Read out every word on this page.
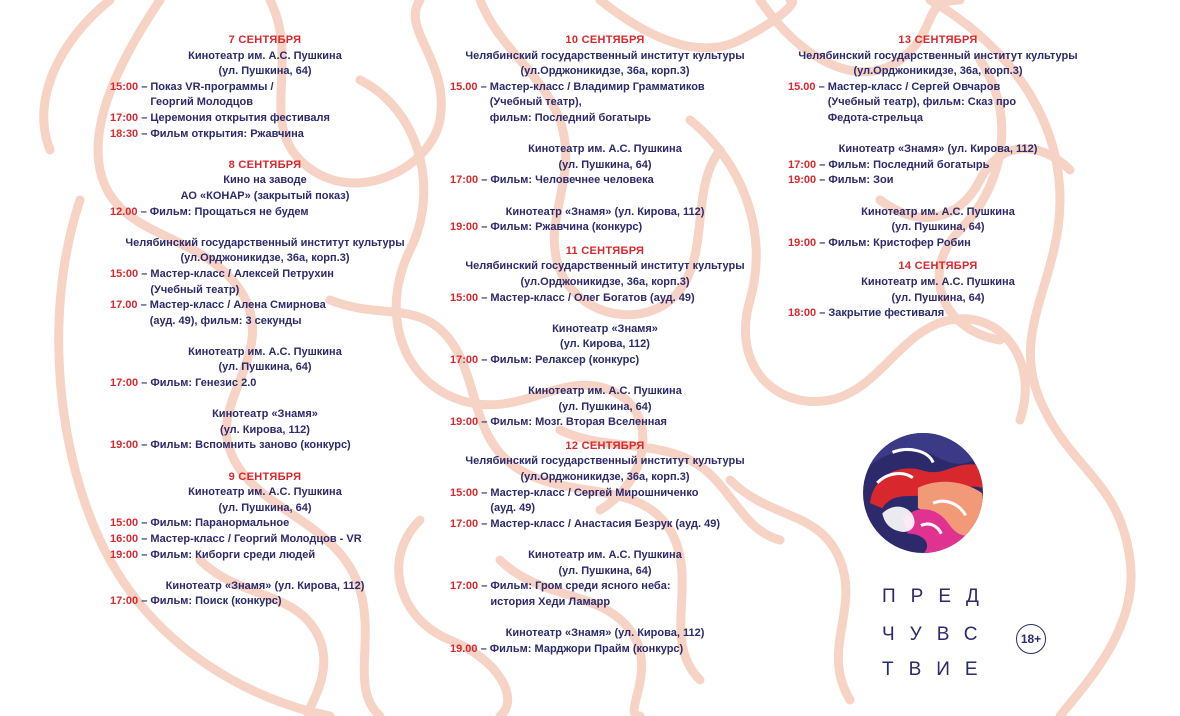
7 СЕНТЯБРЯ
Кинотеатр им. А.С. Пушкина
(ул. Пушкина, 64)
15:00 – Показ VR-программы /
Георгий Молодцов
17:00 – Церемония открытия фестиваля
18:30 – Фильм открытия: Ржавчина
8 СЕНТЯБРЯ
Кино на заводе
АО «КОНАР» (закрытый показ)
12.00 – Фильм: Прощаться не будем
Челябинский государственный институт культуры
(ул.Орджоникидзе, 36а, корп.3)
15:00 – Мастер-класс / Алексей Петрухин
(Учебный театр)
17.00 – Мастер-класс / Алена Смирнова
(ауд. 49), фильм: 3 секунды
Кинотеатр им. А.С. Пушкина
(ул. Пушкина, 64)
17:00 – Фильм: Генезис 2.0
Кинотеатр «Знамя»
(ул. Кирова, 112)
19:00 – Фильм: Вспомнить заново (конкурс)
9 СЕНТЯБРЯ
Кинотеатр им. А.С. Пушкина
(ул. Пушкина, 64)
15:00 – Фильм: Паранормальное
16:00 – Мастер-класс / Георгий Молодцов - VR
19:00 – Фильм: Киборги среди людей
Кинотеатр «Знамя» (ул. Кирова, 112)
17:00 – Фильм: Поиск (конкурс)
10 СЕНТЯБРЯ
Челябинский государственный институт культуры
(ул.Орджоникидзе, 36а, корп.3)
15.00 – Мастер-класс / Владимир Грамматиков
(Учебный театр),
фильм: Последний богатырь
Кинотеатр им. А.С. Пушкина
(ул. Пушкина, 64)
17:00 – Фильм: Человечнее человека
Кинотеатр «Знамя» (ул. Кирова, 112)
19:00 – Фильм: Ржавчина (конкурс)
11 СЕНТЯБРЯ
Челябинский государственный институт культуры
(ул.Орджоникидзе, 36а, корп.3)
15:00 – Мастер-класс / Олег Богатов (ауд. 49)
Кинотеатр «Знамя»
(ул. Кирова, 112)
17:00 – Фильм: Релаксер (конкурс)
Кинотеатр им. А.С. Пушкина
(ул. Пушкина, 64)
19:00 – Фильм: Мозг. Вторая Вселенная
12 СЕНТЯБРЯ
Челябинский государственный институт культуры
(ул.Орджоникидзе, 36а, корп.3)
15:00 – Мастер-класс / Сергей Мирошниченко
(ауд. 49)
17:00 – Мастер-класс / Анастасия Безрук (ауд. 49)
Кинотеатр им. А.С. Пушкина
(ул. Пушкина, 64)
17:00 – Фильм: Гром среди ясного неба:
история Хеди Ламарр
Кинотеатр «Знамя» (ул. Кирова, 112)
19.00 – Фильм: Марджори Прайм (конкурс)
13 СЕНТЯБРЯ
Челябинский государственный институт культуры
(ул.Орджоникидзе, 36а, корп.3)
15.00 – Мастер-класс / Сергей Овчаров
(Учебный театр), фильм: Сказ про
Федота-стрельца
Кинотеатр «Знамя» (ул. Кирова, 112)
17:00 – Фильм: Последний богатырь
19:00 – Фильм: Зои
Кинотеатр им. А.С. Пушкина
(ул. Пушкина, 64)
19:00 – Фильм: Кристофер Робин
14 СЕНТЯБРЯ
Кинотеатр им. А.С. Пушкина
(ул. Пушкина, 64)
18:00 – Закрытие фестиваля
ПРЕД
ЧУВС
ТВИЕ
18+
